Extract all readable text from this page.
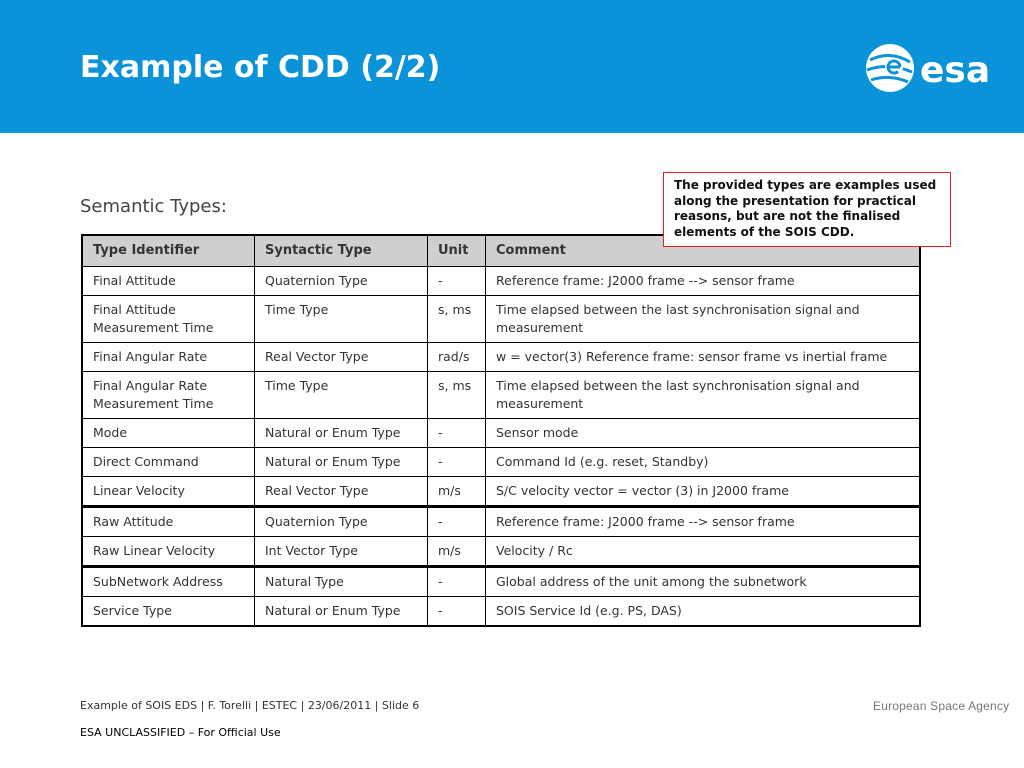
Example of CDD (2/2)	esa
Semantic Types:
The provided types are examples used along the presentation for practical reasons, but are not the finalised elements of the SOIS CDD.
Type Identifier	Syntactic Type	Unit	Comment
Final Attitude	Quaternion Type	-	Reference frame: J2000 frame --> sensor frame
Final Attitude Measurement Time	Time Type	s, ms	Time elapsed between the last synchronisation signal and measurement
Final Angular Rate	Real Vector Type	rad/s	w = vector(3) Reference frame: sensor frame vs inertial frame
Final Angular Rate Measurement Time	Time Type	s, ms	Time elapsed between the last synchronisation signal and measurement
Mode	Natural or Enum Type	-	Sensor mode
Direct Command	Natural or Enum Type	-	Command Id (e.g. reset, Standby)
Linear Velocity	Real Vector Type	m/s	S/C velocity vector = vector (3) in J2000 frame
Raw Attitude	Quaternion Type	-	Reference frame: J2000 frame --> sensor frame
Raw Linear Velocity	Int Vector Type	m/s	Velocity / Rc
SubNetwork Address	Natural Type	-	Global address of the unit among the subnetwork
Service Type	Natural or Enum Type	-	SOIS Service Id (e.g. PS, DAS)
Example of SOIS EDS | F. Torelli | ESTEC | 23/06/2011 | Slide 6
ESA UNCLASSIFIED – For Official Use
European Space Agency
